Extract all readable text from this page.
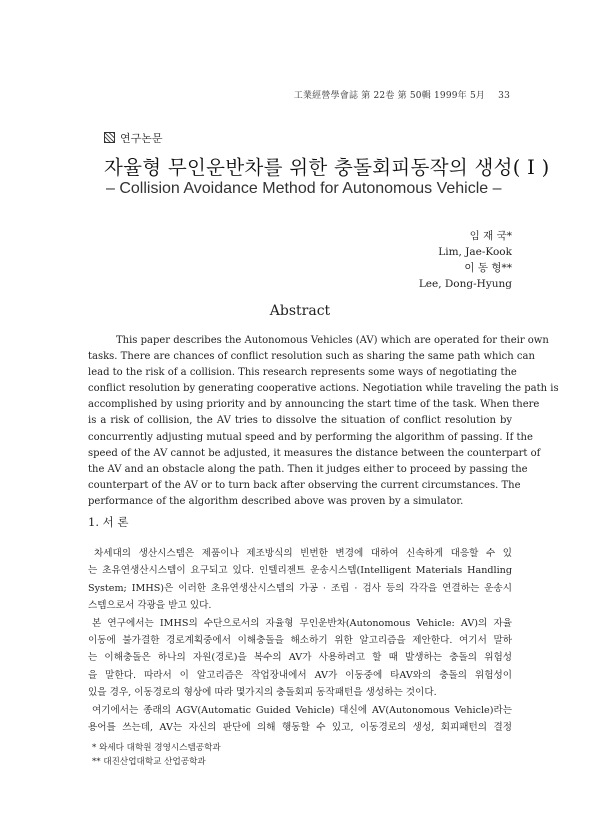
工業經營學會誌 第 22卷 第 50輯 1999年 5月 33
연구논문
자율형 무인운반차를 위한 충돌회피동작의 생성( I )
– Collision Avoidance Method for Autonomous Vehicle –
임 재 국*
Lim, Jae-Kook
이 동 형**
Lee, Dong-Hyung
Abstract
This paper describes the Autonomous Vehicles (AV) which are operated for their own
tasks. There are chances of conflict resolution such as sharing the same path which can
lead to the risk of a collision. This research represents some ways of negotiating the
conflict resolution by generating cooperative actions. Negotiation while traveling the path is
accomplished by using priority and by announcing the start time of the task. When there
is a risk of collision, the AV tries to dissolve the situation of conflict resolution by
concurrently adjusting mutual speed and by performing the algorithm of passing. If the
speed of the AV cannot be adjusted, it measures the distance between the counterpart of
the AV and an obstacle along the path. Then it judges either to proceed by passing the
counterpart of the AV or to turn back after observing the current circumstances. The
performance of the algorithm described above was proven by a simulator.
1. 서 론
차세대의 생산시스템은 제품이나 제조방식의 빈번한 변경에 대하여 신속하게 대응할 수 있
는 초유연생산시스템이 요구되고 있다. 인텔리젠트 운송시스템(Intelligent Materials Handling
System; IMHS)은 이러한 초유연생산시스템의 가공 · 조립 · 검사 등의 각각을 연결하는 운송시
스템으로서 각광을 받고 있다.
본 연구에서는 IMHS의 수단으로서의 자율형 무인운반차(Autonomous Vehicle: AV)의 자율
이동에 불가결한 경로계획중에서 이해충돌을 해소하기 위한 알고리즘을 제안한다. 여기서 말하
는 이해충돌은 하나의 자원(경로)을 복수의 AV가 사용하려고 할 때 발생하는 충돌의 위험성
을 말한다. 따라서 이 알고리즘은 작업장내에서 AV가 이동중에 타AV와의 충돌의 위험성이
있을 경우, 이동경로의 형상에 따라 몇가지의 충돌회피 동작패턴을 생성하는 것이다.
여기에서는 종래의 AGV(Automatic Guided Vehicle) 대신에 AV(Autonomous Vehicle)라는
용어를 쓰는데, AV는 자신의 판단에 의해 행동할 수 있고, 이동경로의 생성, 회피패턴의 결정
* 와세다 대학원 경영시스템공학과
** 대진산업대학교 산업공학과
